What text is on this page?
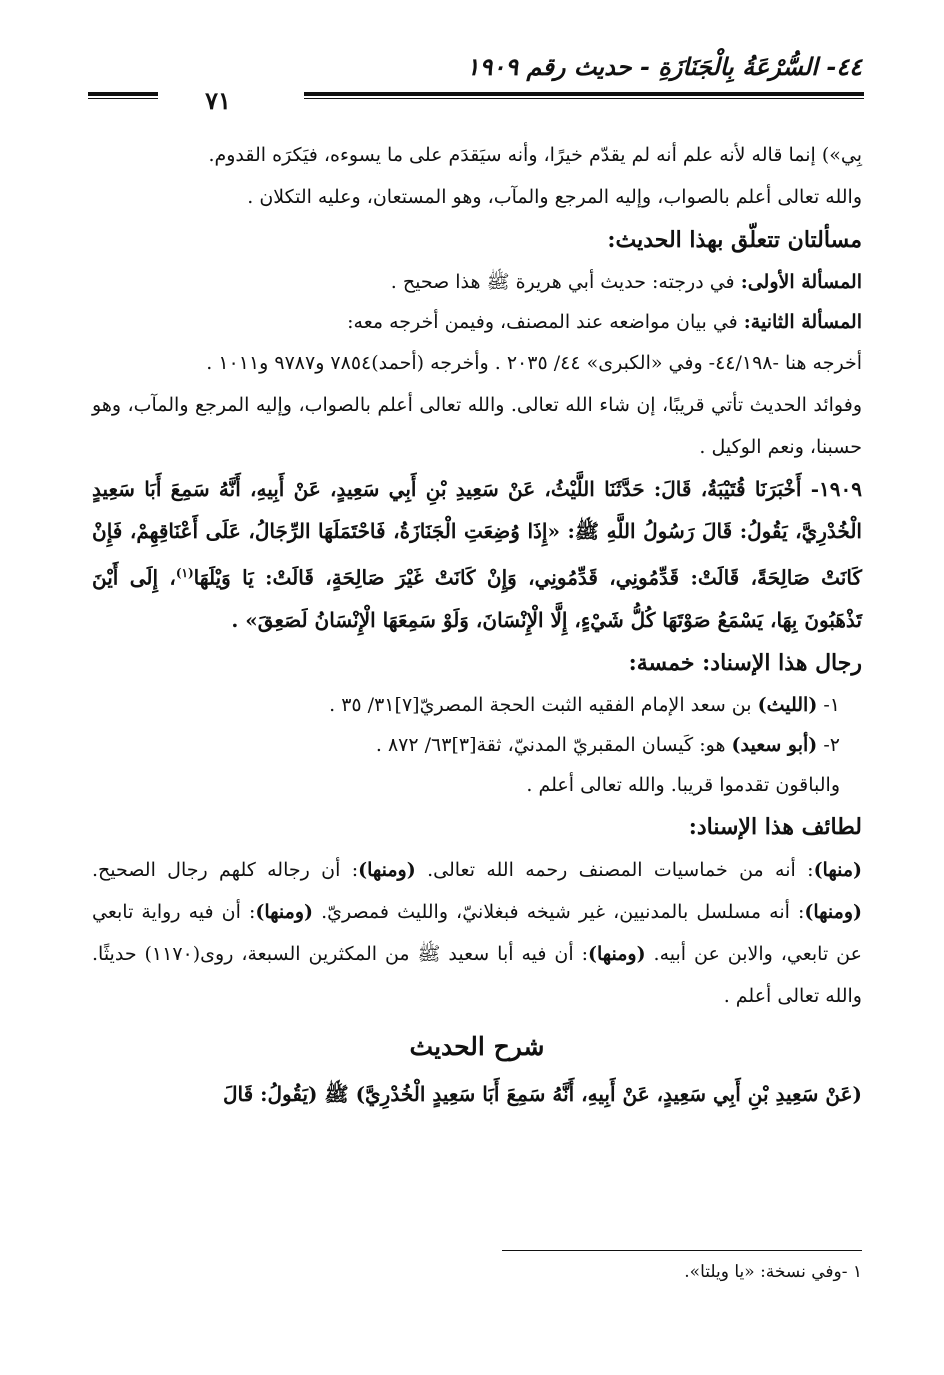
٤٤- السُّرْعَةُ بِالْجَنَازَةِ - حديث رقم ١٩٠٩
٧١

بِي») إنما قاله لأنه علم أنه لم يقدّم خيرًا، وأنه سيَقدَم على ما يسوءه، فيَكرَه القدوم.

والله تعالى أعلم بالصواب، وإليه المرجع والمآب، وهو المستعان، وعليه التكلان .

مسألتان تتعلّق بهذا الحديث:

المسألة الأولى: في درجته: حديث أبي هريرة ﷺ هذا صحيح .

المسألة الثانية: في بيان مواضعه عند المصنف، وفيمن أخرجه معه:

أخرجه هنا -٤٤/١٩٨- وفي «الكبرى» ٤٤/ ٢٠٣٥ . وأخرجه (أحمد)٧٨٥٤ و٩٧٨٧ و١٠١١ .

وفوائد الحديث تأتي قريبًا، إن شاء الله تعالى. والله تعالى أعلم بالصواب، وإليه المرجع والمآب، وهو حسبنا، ونعم الوكيل .

١٩٠٩- أَخْبَرَنَا قُتَيْبَةُ، قَالَ: حَدَّثَنَا اللَّيْثُ، عَنْ سَعِيدِ بْنِ أَبِي سَعِيدٍ، عَنْ أَبِيهِ، أَنَّهُ سَمِعَ أَبَا سَعِيدٍ الْخُدْرِيَّ، يَقُولُ: قَالَ رَسُولُ اللَّهِ ﷺ: «إِذَا وُضِعَتِ الْجَنَازَةُ، فَاحْتَمَلَهَا الرِّجَالُ، عَلَى أَعْنَاقِهِمْ، فَإِنْ كَانَتْ صَالِحَةً، قَالَتْ: قَدِّمُونِي، قَدِّمُونِي، وَإِنْ كَانَتْ غَيْرَ صَالِحَةٍ، قَالَتْ: يَا وَيْلَهَا$^{(١)}$، إِلَى أَيْنَ تَذْهَبُونَ بِهَا، يَسْمَعُ صَوْتَهَا كُلُّ شَيْءٍ، إِلَّا الْإِنْسَانَ، وَلَوْ سَمِعَهَا الْإِنْسَانُ لَصَعِقَ» .

رجال هذا الإسناد: خمسة:

١- (الليث) بن سعد الإمام الفقيه الثبت الحجة المصريّ[٧]٣١/ ٣٥ .

٢- (أبو سعيد) هو: كَيسان المقبريّ المدنيّ، ثقة[٣]٦٣/ ٨٧٢ .

والباقون تقدموا قريبا. والله تعالى أعلم .

لطائف هذا الإسناد:

(منها): أنه من خماسيات المصنف رحمه الله تعالى. (ومنها): أن رجاله كلهم رجال الصحيح. (ومنها): أنه مسلسل بالمدنيين، غير شيخه فبغلانيّ، والليث فمصريّ. (ومنها): أن فيه رواية تابعي عن تابعي، والابن عن أبيه. (ومنها): أن فيه أبا سعيد ﷺ من المكثرين السبعة، روى(١١٧٠) حديثًا. والله تعالى أعلم .

شرح الحديث

(عَنْ سَعِيدِ بْنِ أَبِي سَعِيدٍ، عَنْ أَبِيهِ، أَنَّهُ سَمِعَ أَبَا سَعِيدٍ الْخُدْرِيَّ) ﷺ (يَقُولُ: قَالَ

١ -وفي نسخة: «يا ويلتا».
